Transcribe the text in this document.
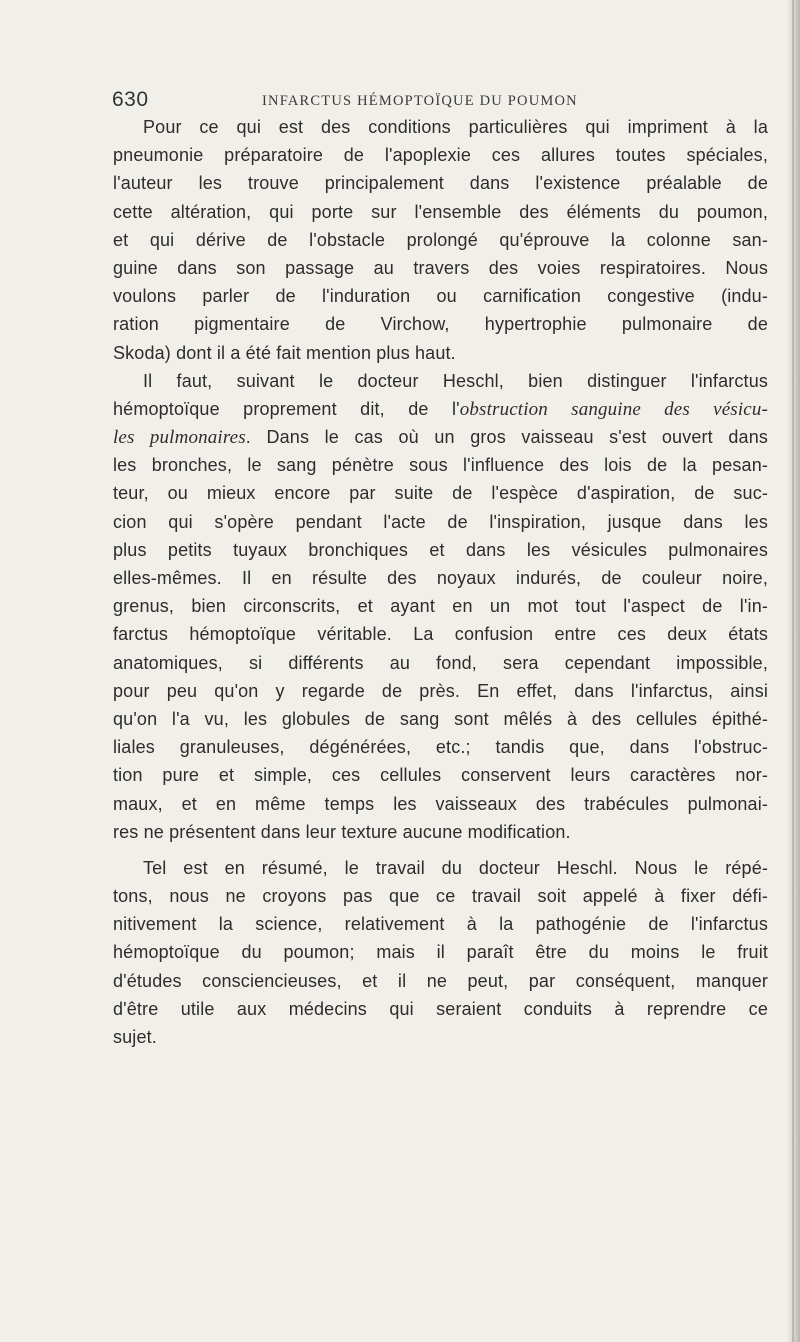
630	INFARCTUS HÉMOPTOÏQUE DU POUMON
Pour ce qui est des conditions particulières qui impriment à la
pneumonie préparatoire de l'apoplexie ces allures toutes spéciales,
l'auteur les trouve principalement dans l'existence préalable de
cette altération, qui porte sur l'ensemble des éléments du poumon,
et qui dérive de l'obstacle prolongé qu'éprouve la colonne san-
guine dans son passage au travers des voies respiratoires. Nous
voulons parler de l'induration ou carnification congestive (indu-
ration pigmentaire de Virchow, hypertrophie pulmonaire de
Skoda) dont il a été fait mention plus haut.
Il faut, suivant le docteur Heschl, bien distinguer l'infarctus
hémoptoïque proprement dit, de l'obstruction sanguine des vésicu-
les pulmonaires. Dans le cas où un gros vaisseau s'est ouvert dans
les bronches, le sang pénètre sous l'influence des lois de la pesan-
teur, ou mieux encore par suite de l'espèce d'aspiration, de suc-
cion qui s'opère pendant l'acte de l'inspiration, jusque dans les
plus petits tuyaux bronchiques et dans les vésicules pulmonaires
elles-mêmes. Il en résulte des noyaux indurés, de couleur noire,
grenus, bien circonscrits, et ayant en un mot tout l'aspect de l'in-
farctus hémoptoïque véritable. La confusion entre ces deux états
anatomiques, si différents au fond, sera cependant impossible,
pour peu qu'on y regarde de près. En effet, dans l'infarctus, ainsi
qu'on l'a vu, les globules de sang sont mêlés à des cellules épithé-
liales granuleuses, dégénérées, etc.; tandis que, dans l'obstruc-
tion pure et simple, ces cellules conservent leurs caractères nor-
maux, et en même temps les vaisseaux des trabécules pulmonai-
res ne présentent dans leur texture aucune modification.
Tel est en résumé, le travail du docteur Heschl. Nous le répé-
tons, nous ne croyons pas que ce travail soit appelé à fixer défi-
nitivement la science, relativement à la pathogénie de l'infarctus
hémoptoïque du poumon; mais il paraît être du moins le fruit
d'études consciencieuses, et il ne peut, par conséquent, manquer
d'être utile aux médecins qui seraient conduits à reprendre ce
sujet.
